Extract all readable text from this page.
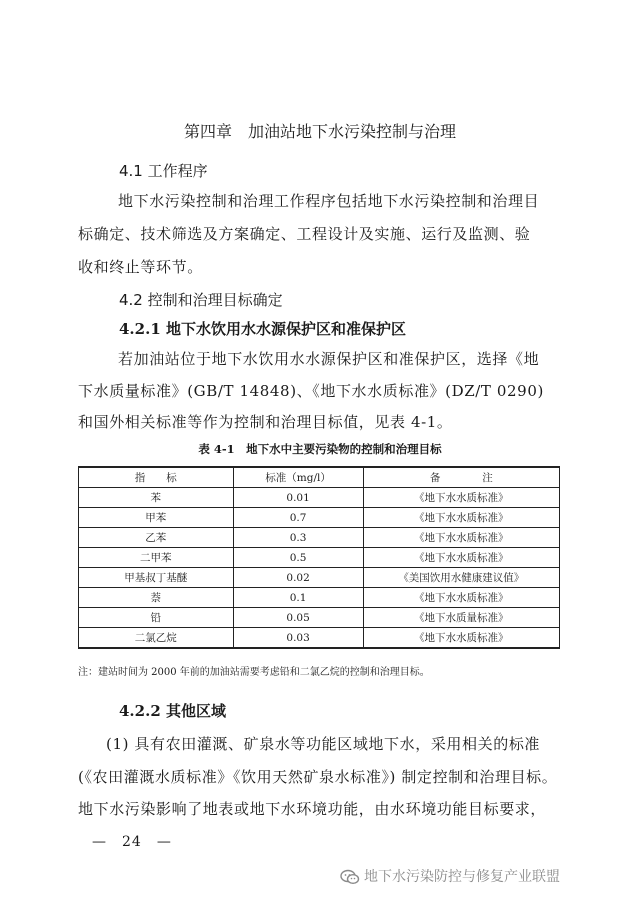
第四章　加油站地下水污染控制与治理
4.1 工作程序
地下水污染控制和治理工作程序包括地下水污染控制和治理目
标确定、技术筛选及方案确定、工程设计及实施、运行及监测、验
收和终止等环节。
4.2 控制和治理目标确定
4.2.1 地下水饮用水水源保护区和准保护区
若加油站位于地下水饮用水水源保护区和准保护区，选择《地
下水质量标准》(GB/T 14848)、《地下水水质标准》(DZ/T 0290)
和国外相关标准等作为控制和治理目标值，见表 4-1。
表 4-1　地下水中主要污染物的控制和治理目标
指　　标	标准（mg/l）	备　　　　注
苯	0.01	《地下水水质标准》
甲苯	0.7	《地下水水质标准》
乙苯	0.3	《地下水水质标准》
二甲苯	0.5	《地下水水质标准》
甲基叔丁基醚	0.02	《美国饮用水健康建议值》
萘	0.1	《地下水水质标准》
铅	0.05	《地下水质量标准》
二氯乙烷	0.03	《地下水水质标准》
注：建站时间为 2000 年前的加油站需要考虑铅和二氯乙烷的控制和治理目标。
4.2.2 其他区域
(1) 具有农田灌溉、矿泉水等功能区域地下水，采用相关的标准
(《农田灌溉水质标准》《饮用天然矿泉水标准》) 制定控制和治理目标。
地下水污染影响了地表或地下水环境功能，由水环境功能目标要求，
—　24　—
地下水污染防控与修复产业联盟
